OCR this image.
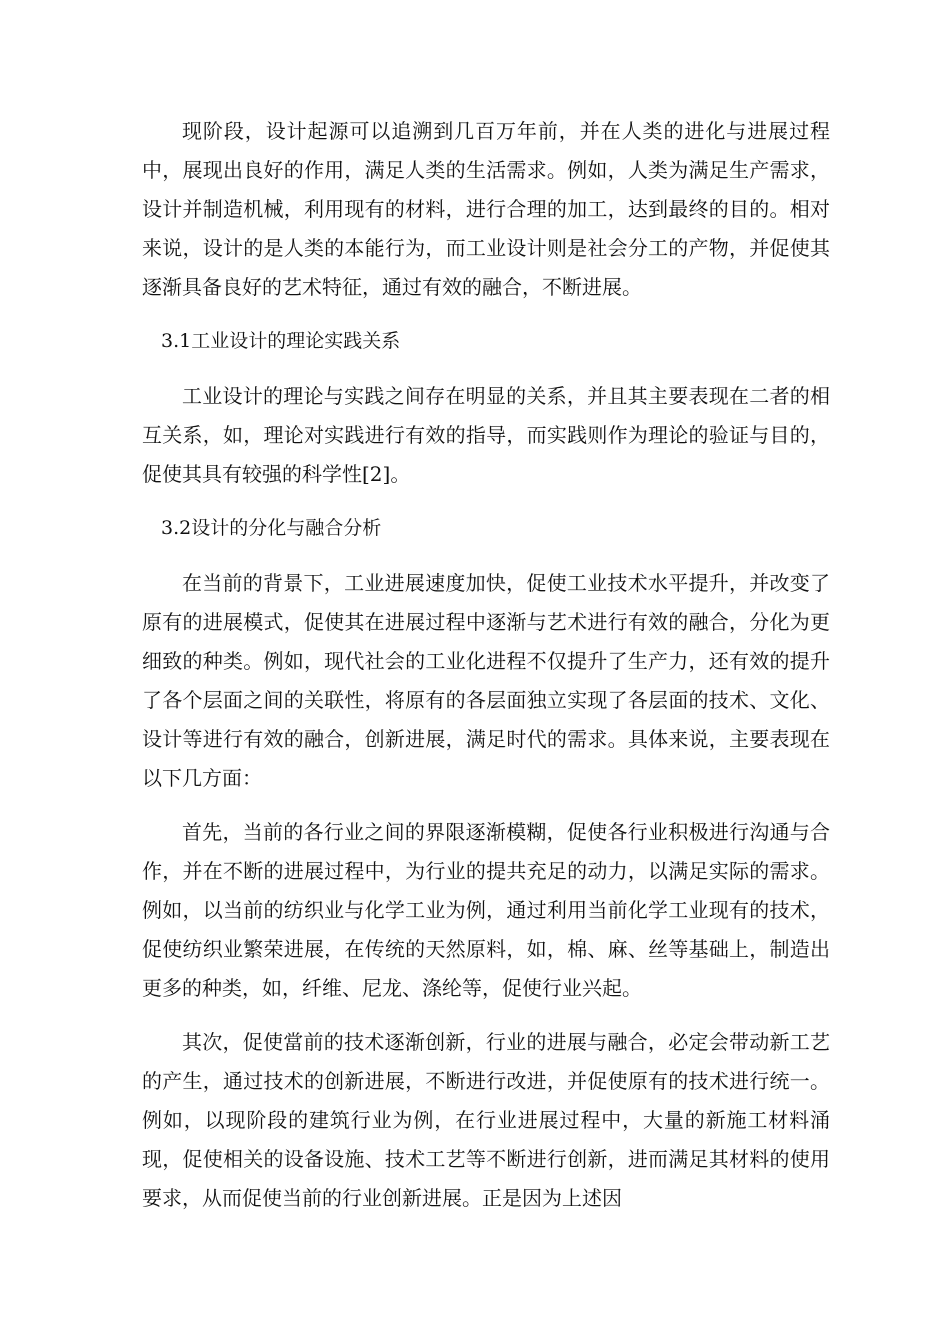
现阶段，设计起源可以追溯到几百万年前，并在人类的进化与进展过程中，展现出良好的作用，满足人类的生活需求。例如，人类为满足生产需求，设计并制造机械，利用现有的材料，进行合理的加工，达到最终的目的。相对来说，设计的是人类的本能行为，而工业设计则是社会分工的产物，并促使其逐渐具备良好的艺术特征，通过有效的融合，不断进展。

3.1工业设计的理论实践关系

工业设计的理论与实践之间存在明显的关系，并且其主要表现在二者的相互关系，如，理论对实践进行有效的指导，而实践则作为理论的验证与目的，促使其具有较强的科学性[2]。

3.2设计的分化与融合分析

在当前的背景下，工业进展速度加快，促使工业技术水平提升，并改变了原有的进展模式，促使其在进展过程中逐渐与艺术进行有效的融合，分化为更细致的种类。例如，现代社会的工业化进程不仅提升了生产力，还有效的提升了各个层面之间的关联性，将原有的各层面独立实现了各层面的技术、文化、设计等进行有效的融合，创新进展，满足时代的需求。具体来说，主要表现在以下几方面：

首先，当前的各行业之间的界限逐渐模糊，促使各行业积极进行沟通与合作，并在不断的进展过程中，为行业的提共充足的动力，以满足实际的需求。例如，以当前的纺织业与化学工业为例，通过利用当前化学工业现有的技术，促使纺织业繁荣进展，在传统的天然原料，如，棉、麻、丝等基础上，制造出更多的种类，如，纤维、尼龙、涤纶等，促使行业兴起。

其次，促使當前的技术逐渐创新，行业的进展与融合，必定会带动新工艺的产生，通过技术的创新进展，不断进行改进，并促使原有的技术进行统一。例如，以现阶段的建筑行业为例，在行业进展过程中，大量的新施工材料涌现，促使相关的设备设施、技术工艺等不断进行创新，进而满足其材料的使用要求，从而促使当前的行业创新进展。正是因为上述因
